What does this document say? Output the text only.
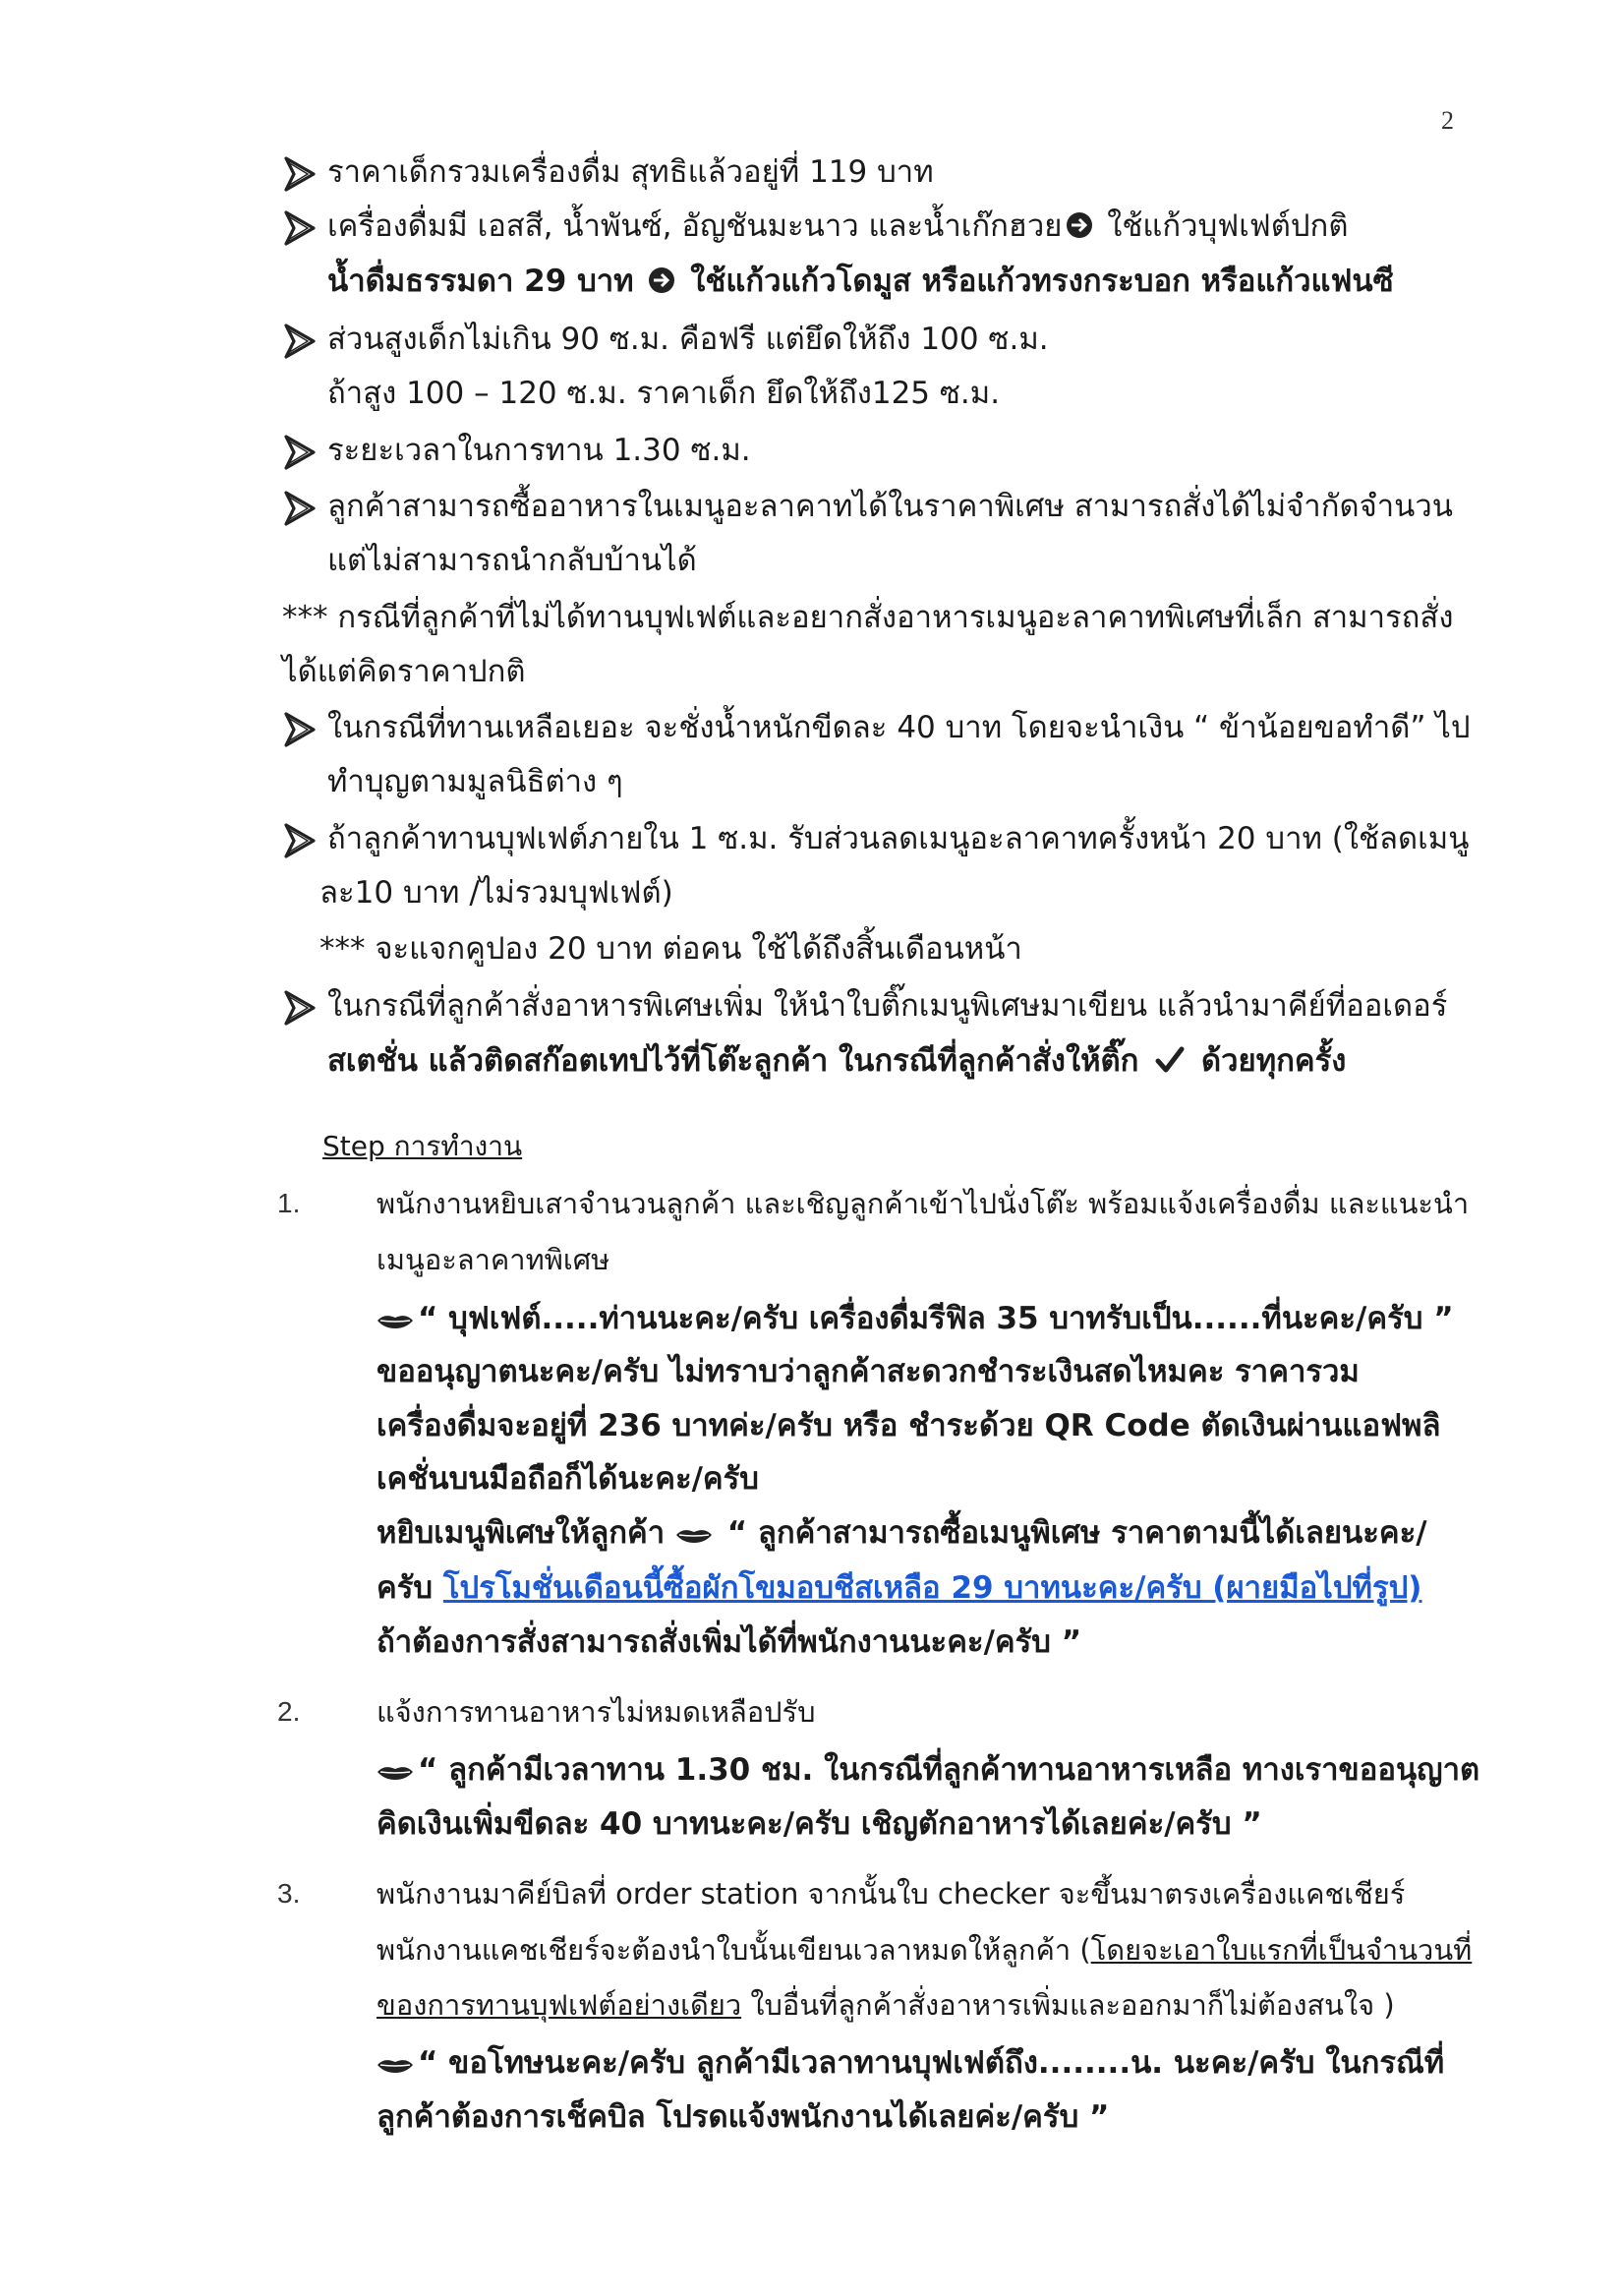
2
ราคาเด็กรวมเครื่องดื่ม สุทธิแล้วอยู่ที่ 119 บาท
เครื่องดื่มมี เอสสี, น้ำพันซ์, อัญชันมะนาว และน้ำเก๊กฮวย ใช้แก้วบุฟเฟต์ปกติ
น้ำดื่มธรรมดา 29 บาท  ใช้แก้วแก้วโดมูส หรือแก้วทรงกระบอก หรือแก้วแฟนซี
ส่วนสูงเด็กไม่เกิน 90 ซ.ม. คือฟรี แต่ยึดให้ถึง 100 ซ.ม.
ถ้าสูง 100 – 120 ซ.ม. ราคาเด็ก ยึดให้ถึง125 ซ.ม.
ระยะเวลาในการทาน 1.30 ซ.ม.
ลูกค้าสามารถซื้ออาหารในเมนูอะลาคาทได้ในราคาพิเศษ สามารถสั่งได้ไม่จำกัดจำนวน
แต่ไม่สามารถนำกลับบ้านได้
*** กรณีที่ลูกค้าที่ไม่ได้ทานบุฟเฟต์และอยากสั่งอาหารเมนูอะลาคาทพิเศษที่เล็ก สามารถสั่ง
ได้แต่คิดราคาปกติ
ในกรณีที่ทานเหลือเยอะ จะชั่งน้ำหนักขีดละ 40 บาท โดยจะนำเงิน “ ข้าน้อยขอทำดี” ไป
ทำบุญตามมูลนิธิต่าง ๆ
ถ้าลูกค้าทานบุฟเฟต์ภายใน 1 ซ.ม. รับส่วนลดเมนูอะลาคาทครั้งหน้า 20 บาท (ใช้ลดเมนู
ละ10 บาท /ไม่รวมบุฟเฟต์)
*** จะแจกคูปอง 20 บาท ต่อคน ใช้ได้ถึงสิ้นเดือนหน้า
ในกรณีที่ลูกค้าสั่งอาหารพิเศษเพิ่ม ให้นำใบติ๊กเมนูพิเศษมาเขียน แล้วนำมาคีย์ที่ออเดอร์
สเตชั่น แล้วติดสก๊อตเทปไว้ที่โต๊ะลูกค้า ในกรณีที่ลูกค้าสั่งให้ติ๊ก  ด้วยทุกครั้ง
Step การทำงาน
1.	พนักงานหยิบเสาจำนวนลูกค้า และเชิญลูกค้าเข้าไปนั่งโต๊ะ พร้อมแจ้งเครื่องดื่ม และแนะนำ
เมนูอะลาคาทพิเศษ
“ บุฟเฟต์.....ท่านนะคะ/ครับ เครื่องดื่มรีฟิล 35 บาทรับเป็น......ที่นะคะ/ครับ ”
ขออนุญาตนะคะ/ครับ ไม่ทราบว่าลูกค้าสะดวกชำระเงินสดไหมคะ ราคารวม
เครื่องดื่มจะอยู่ที่ 236 บาทค่ะ/ครับ หรือ ชำระด้วย QR Code ตัดเงินผ่านแอฟพลิ
เคชั่นบนมือถือก็ได้นะคะ/ครับ
หยิบเมนูพิเศษให้ลูกค้า  “ ลูกค้าสามารถซื้อเมนูพิเศษ ราคาตามนี้ได้เลยนะคะ/
ครับ โปรโมชั่นเดือนนี้ซื้อผักโขมอบชีสเหลือ 29 บาทนะคะ/ครับ (ผายมือไปที่รูป)
ถ้าต้องการสั่งสามารถสั่งเพิ่มได้ที่พนักงานนะคะ/ครับ ”
2.	แจ้งการทานอาหารไม่หมดเหลือปรับ
“ ลูกค้ามีเวลาทาน 1.30 ชม. ในกรณีที่ลูกค้าทานอาหารเหลือ ทางเราขออนุญาต
คิดเงินเพิ่มขีดละ 40 บาทนะคะ/ครับ เชิญตักอาหารได้เลยค่ะ/ครับ ”
3.	พนักงานมาคีย์บิลที่ order station จากนั้นใบ checker จะขึ้นมาตรงเครื่องแคชเชียร์
พนักงานแคชเชียร์จะต้องนำใบนั้นเขียนเวลาหมดให้ลูกค้า (โดยจะเอาใบแรกที่เป็นจำนวนที่
ของการทานบุฟเฟต์อย่างเดียว ใบอื่นที่ลูกค้าสั่งอาหารเพิ่มและออกมาก็ไม่ต้องสนใจ )
“ ขอโทษนะคะ/ครับ ลูกค้ามีเวลาทานบุฟเฟต์ถึง........น. นะคะ/ครับ ในกรณีที่
ลูกค้าต้องการเช็คบิล โปรดแจ้งพนักงานได้เลยค่ะ/ครับ ”
